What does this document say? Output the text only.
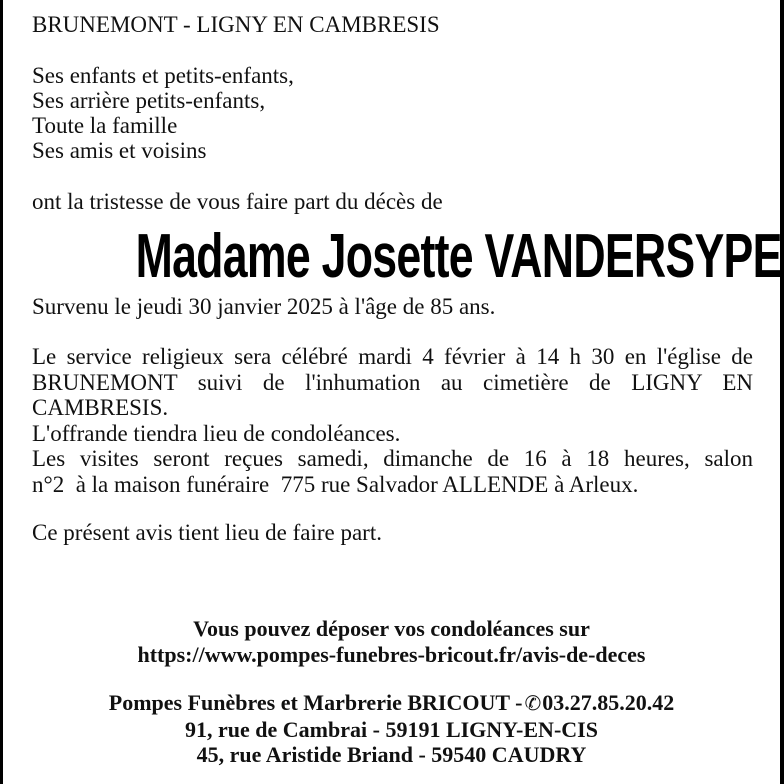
BRUNEMONT - LIGNY EN CAMBRESIS
Ses enfants et petits-enfants,
Ses arrière petits-enfants,
Toute la famille
Ses amis et voisins
ont la tristesse de vous faire part du décès de
Madame Josette VANDERSYPE
Survenu le jeudi 30 janvier 2025 à l'âge de 85 ans.
Le service religieux sera célébré mardi 4 février à 14 h 30 en l'église de
BRUNEMONT suivi de l'inhumation au cimetière de LIGNY EN
CAMBRESIS.
L'offrande tiendra lieu de condoléances.
Les visites seront reçues samedi, dimanche de 16 à 18 heures, salon
n°2  à la maison funéraire  775 rue Salvador ALLENDE à Arleux.
Ce présent avis tient lieu de faire part.
Vous pouvez déposer vos condoléances sur
https://www.pompes-funebres-bricout.fr/avis-de-deces
Pompes Funèbres et Marbrerie BRICOUT - ✆03.27.85.20.42
91, rue de Cambrai - 59191 LIGNY-EN-CIS
45, rue Aristide Briand - 59540 CAUDRY
